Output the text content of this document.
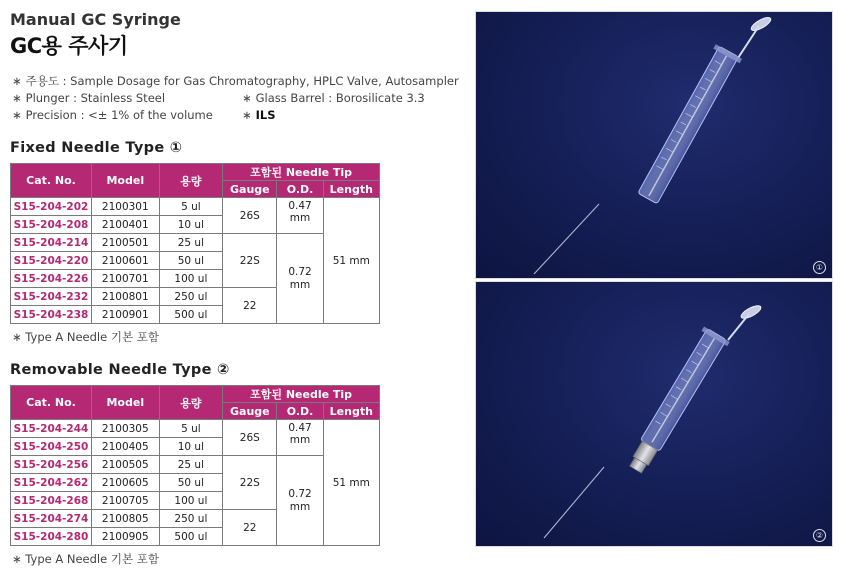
Manual GC Syringe
GC용 주사기
∗ 주용도 : Sample Dosage for Gas Chromatography, HPLC Valve, Autosampler
∗ Plunger : Stainless Steel	∗ Glass Barrel : Borosilicate 3.3
∗ Precision : <± 1% of the volume	∗ ILS
Fixed Needle Type ①
Cat. No.	Model	용량	포함된 Needle Tip		
			Gauge	O.D.	Length
S15-204-202	2100301	5 ul	26S	0.47 mm	51 mm
S15-204-208	2100401	10 ul			
S15-204-214	2100501	25 ul	22S	0.72 mm	
S15-204-220	2100601	50 ul			
S15-204-226	2100701	100 ul			
S15-204-232	2100801	250 ul	22		
S15-204-238	2100901	500 ul			
∗ Type A Needle 기본 포함
Removable Needle Type ②
Cat. No.	Model	용량	포함된 Needle Tip		
			Gauge	O.D.	Length
S15-204-244	2100305	5 ul	26S	0.47 mm	51 mm
S15-204-250	2100405	10 ul			
S15-204-256	2100505	25 ul	22S	0.72 mm	
S15-204-262	2100605	50 ul			
S15-204-268	2100705	100 ul			
S15-204-274	2100805	250 ul	22		
S15-204-280	2100905	500 ul			
∗ Type A Needle 기본 포함
①
②
